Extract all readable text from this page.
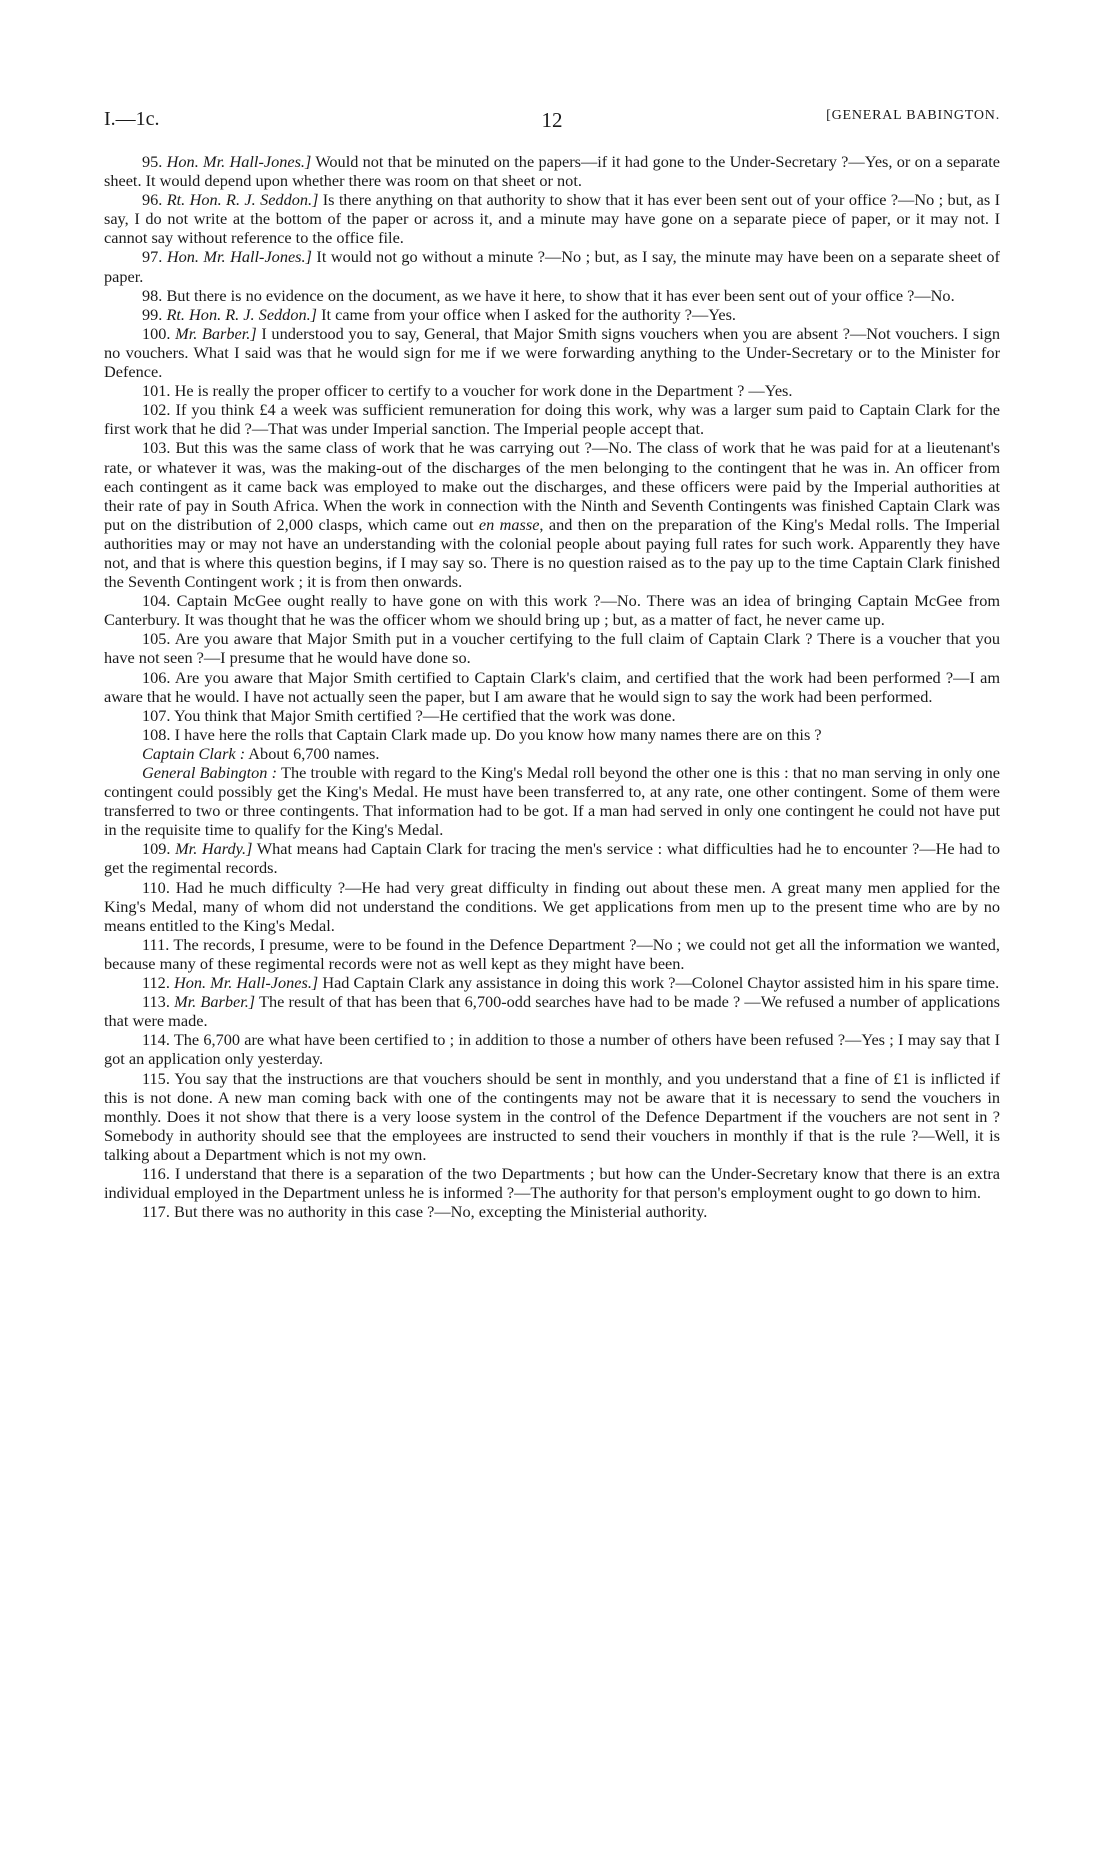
I.—1c.	12	[GENERAL BABINGTON.

95. Hon. Mr. Hall-Jones.] Would not that be minuted on the papers—if it had gone to the Under-Secretary ?—Yes, or on a separate sheet. It would depend upon whether there was room on that sheet or not.

96. Rt. Hon. R. J. Seddon.] Is there anything on that authority to show that it has ever been sent out of your office ?—No ; but, as I say, I do not write at the bottom of the paper or across it, and a minute may have gone on a separate piece of paper, or it may not. I cannot say without reference to the office file.

97. Hon. Mr. Hall-Jones.] It would not go without a minute ?—No ; but, as I say, the minute may have been on a separate sheet of paper.

98. But there is no evidence on the document, as we have it here, to show that it has ever been sent out of your office ?—No.

99. Rt. Hon. R. J. Seddon.] It came from your office when I asked for the authority ?—Yes.

100. Mr. Barber.] I understood you to say, General, that Major Smith signs vouchers when you are absent ?—Not vouchers. I sign no vouchers. What I said was that he would sign for me if we were forwarding anything to the Under-Secretary or to the Minister for Defence.

101. He is really the proper officer to certify to a voucher for work done in the Department ? —Yes.

102. If you think £4 a week was sufficient remuneration for doing this work, why was a larger sum paid to Captain Clark for the first work that he did ?—That was under Imperial sanction. The Imperial people accept that.

103. But this was the same class of work that he was carrying out ?—No. The class of work that he was paid for at a lieutenant's rate, or whatever it was, was the making-out of the discharges of the men belonging to the contingent that he was in. An officer from each contingent as it came back was employed to make out the discharges, and these officers were paid by the Imperial authorities at their rate of pay in South Africa. When the work in connection with the Ninth and Seventh Contingents was finished Captain Clark was put on the distribution of 2,000 clasps, which came out en masse, and then on the preparation of the King's Medal rolls. The Imperial authorities may or may not have an understanding with the colonial people about paying full rates for such work. Apparently they have not, and that is where this question begins, if I may say so. There is no question raised as to the pay up to the time Captain Clark finished the Seventh Contingent work ; it is from then onwards.

104. Captain McGee ought really to have gone on with this work ?—No. There was an idea of bringing Captain McGee from Canterbury. It was thought that he was the officer whom we should bring up ; but, as a matter of fact, he never came up.

105. Are you aware that Major Smith put in a voucher certifying to the full claim of Captain Clark ? There is a voucher that you have not seen ?—I presume that he would have done so.

106. Are you aware that Major Smith certified to Captain Clark's claim, and certified that the work had been performed ?—I am aware that he would. I have not actually seen the paper, but I am aware that he would sign to say the work had been performed.

107. You think that Major Smith certified ?—He certified that the work was done.

108. I have here the rolls that Captain Clark made up. Do you know how many names there are on this ?

Captain Clark : About 6,700 names.

General Babington : The trouble with regard to the King's Medal roll beyond the other one is this : that no man serving in only one contingent could possibly get the King's Medal. He must have been transferred to, at any rate, one other contingent. Some of them were transferred to two or three contingents. That information had to be got. If a man had served in only one contingent he could not have put in the requisite time to qualify for the King's Medal.

109. Mr. Hardy.] What means had Captain Clark for tracing the men's service : what difficulties had he to encounter ?—He had to get the regimental records.

110. Had he much difficulty ?—He had very great difficulty in finding out about these men. A great many men applied for the King's Medal, many of whom did not understand the conditions. We get applications from men up to the present time who are by no means entitled to the King's Medal.

111. The records, I presume, were to be found in the Defence Department ?—No ; we could not get all the information we wanted, because many of these regimental records were not as well kept as they might have been.

112. Hon. Mr. Hall-Jones.] Had Captain Clark any assistance in doing this work ?—Colonel Chaytor assisted him in his spare time.

113. Mr. Barber.] The result of that has been that 6,700-odd searches have had to be made ? —We refused a number of applications that were made.

114. The 6,700 are what have been certified to ; in addition to those a number of others have been refused ?—Yes ; I may say that I got an application only yesterday.

115. You say that the instructions are that vouchers should be sent in monthly, and you understand that a fine of £1 is inflicted if this is not done. A new man coming back with one of the contingents may not be aware that it is necessary to send the vouchers in monthly. Does it not show that there is a very loose system in the control of the Defence Department if the vouchers are not sent in ? Somebody in authority should see that the employees are instructed to send their vouchers in monthly if that is the rule ?—Well, it is talking about a Department which is not my own.

116. I understand that there is a separation of the two Departments ; but how can the Under-Secretary know that there is an extra individual employed in the Department unless he is informed ?—The authority for that person's employment ought to go down to him.

117. But there was no authority in this case ?—No, excepting the Ministerial authority.
